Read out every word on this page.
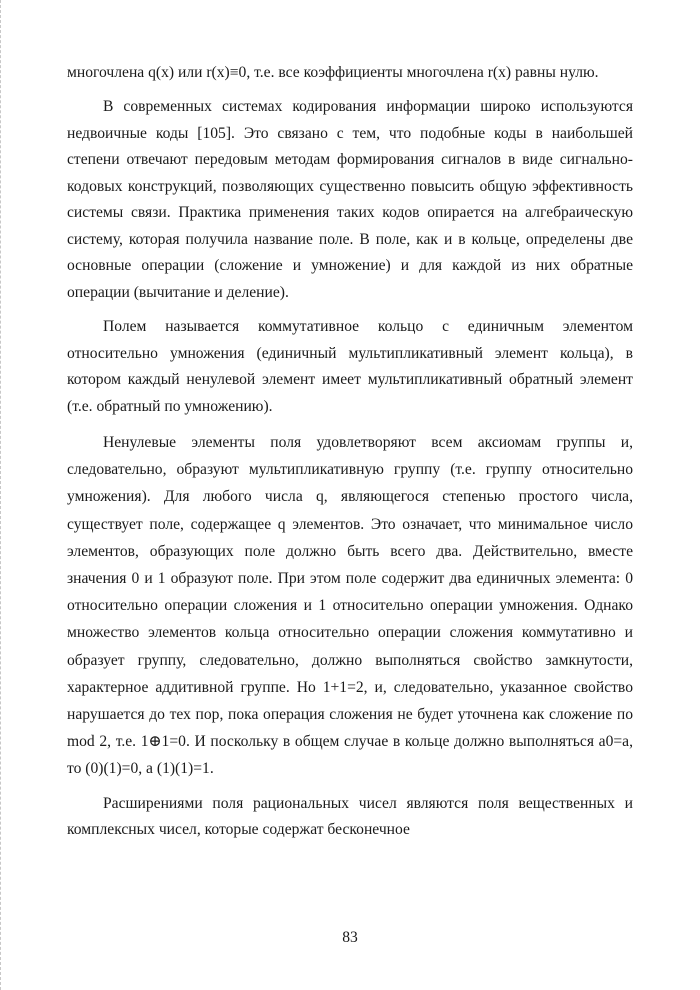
многочлена q(x) или r(x)≡0, т.е. все коэффициенты многочлена r(x) равны нулю.

В современных системах кодирования информации широко используются недвоичные коды [105]. Это связано с тем, что подобные коды в наибольшей степени отвечают передовым методам формирования сигналов в виде сигнально-кодовых конструкций, позволяющих существенно повысить общую эффективность системы связи. Практика применения таких кодов опирается на алгебраическую систему, которая получила название поле. В поле, как и в кольце, определены две основные операции (сложение и умножение) и для каждой из них обратные операции (вычитание и деление).

Полем называется коммутативное кольцо с единичным элементом относительно умножения (единичный мультипликативный элемент кольца), в котором каждый ненулевой элемент имеет мультипликативный обратный элемент (т.е. обратный по умножению).

Ненулевые элементы поля удовлетворяют всем аксиомам группы и, следовательно, образуют мультипликативную группу (т.е. группу относительно умножения). Для любого числа q, являющегося степенью простого числа, существует поле, содержащее q элементов. Это означает, что минимальное число элементов, образующих поле должно быть всего два. Действительно, вместе значения 0 и 1 образуют поле. При этом поле содержит два единичных элемента: 0 относительно операции сложения и 1 относительно операции умножения. Однако множество элементов кольца относительно операции сложения коммутативно и образует группу, следовательно, должно выполняться свойство замкнутости, характерное аддитивной группе. Но 1+1=2, и, следовательно, указанное свойство нарушается до тех пор, пока операция сложения не будет уточнена как сложение по mod 2, т.е. 1⊕1=0. И поскольку в общем случае в кольце должно выполняться a0=a, то (0)(1)=0, а (1)(1)=1.

Расширениями поля рациональных чисел являются поля вещественных и комплексных чисел, которые содержат бесконечное

83
